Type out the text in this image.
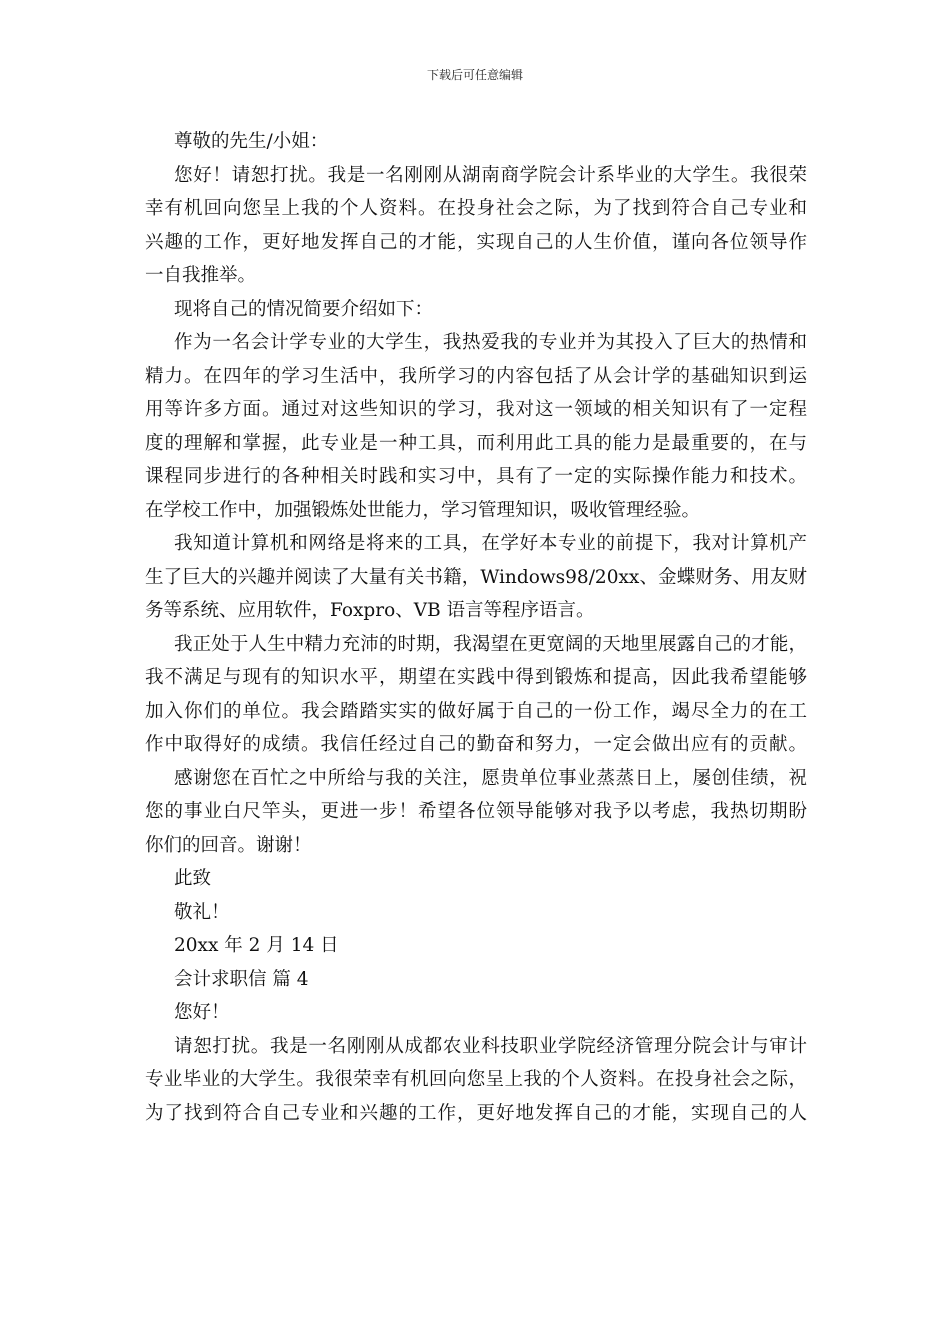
下载后可任意编辑
尊敬的先生/小姐：
您好！请恕打扰。我是一名刚刚从湖南商学院会计系毕业的大学生。我很荣
幸有机回向您呈上我的个人资料。在投身社会之际，为了找到符合自己专业和
兴趣的工作，更好地发挥自己的才能，实现自己的人生价值，谨向各位领导作
一自我推举。
现将自己的情况简要介绍如下：
作为一名会计学专业的大学生，我热爱我的专业并为其投入了巨大的热情和
精力。在四年的学习生活中，我所学习的内容包括了从会计学的基础知识到运
用等许多方面。通过对这些知识的学习，我对这一领域的相关知识有了一定程
度的理解和掌握，此专业是一种工具，而利用此工具的能力是最重要的，在与
课程同步进行的各种相关时践和实习中，具有了一定的实际操作能力和技术。
在学校工作中，加强锻炼处世能力，学习管理知识，吸收管理经验。
我知道计算机和网络是将来的工具，在学好本专业的前提下，我对计算机产
生了巨大的兴趣并阅读了大量有关书籍，Windows98/20xx、金蝶财务、用友财
务等系统、应用软件，Foxpro、VB 语言等程序语言。
我正处于人生中精力充沛的时期，我渴望在更宽阔的天地里展露自己的才能，
我不满足与现有的知识水平，期望在实践中得到锻炼和提高，因此我希望能够
加入你们的单位。我会踏踏实实的做好属于自己的一份工作，竭尽全力的在工
作中取得好的成绩。我信任经过自己的勤奋和努力，一定会做出应有的贡献。
感谢您在百忙之中所给与我的关注，愿贵单位事业蒸蒸日上，屡创佳绩，祝
您的事业白尺竿头，更进一步！希望各位领导能够对我予以考虑，我热切期盼
你们的回音。谢谢！
此致
敬礼！
20xx 年 2 月 14 日
会计求职信 篇 4
您好！
请恕打扰。我是一名刚刚从成都农业科技职业学院经济管理分院会计与审计
专业毕业的大学生。我很荣幸有机回向您呈上我的个人资料。在投身社会之际，
为了找到符合自己专业和兴趣的工作，更好地发挥自己的才能，实现自己的人
